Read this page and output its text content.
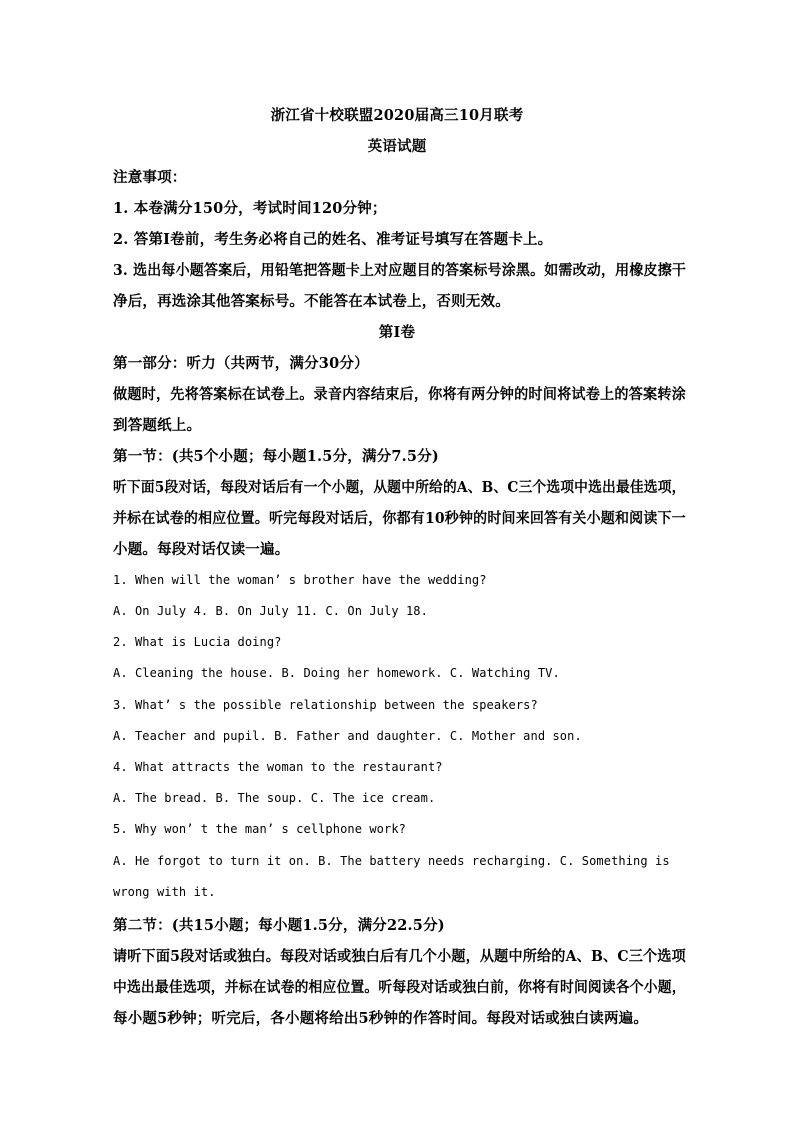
浙江省十校联盟2020届高三10月联考
英语试题
注意事项：
1. 本卷满分150分，考试时间120分钟；
2. 答第Ⅰ卷前，考生务必将自己的姓名、准考证号填写在答题卡上。
3. 选出每小题答案后，用铅笔把答题卡上对应题目的答案标号涂黑。如需改动，用橡皮擦干
净后，再选涂其他答案标号。不能答在本试卷上，否则无效。
第Ⅰ卷
第一部分：听力（共两节，满分30分）
做题时，先将答案标在试卷上。录音内容结束后，你将有两分钟的时间将试卷上的答案转涂
到答题纸上。
第一节：(共5个小题；每小题1.5分，满分7.5分)
听下面5段对话，每段对话后有一个小题，从题中所给的A、B、C三个选项中选出最佳选项，
并标在试卷的相应位置。听完每段对话后，你都有10秒钟的时间来回答有关小题和阅读下一
小题。每段对话仅读一遍。
1. When will the woman’ s brother have the wedding?
A. On July 4. B. On July 11. C. On July 18.
2. What is Lucia doing?
A. Cleaning the house. B. Doing her homework. C. Watching TV.
3. What’ s the possible relationship between the speakers?
A. Teacher and pupil. B. Father and daughter. C. Mother and son.
4. What attracts the woman to the restaurant?
A. The bread. B. The soup. C. The ice cream.
5. Why won’ t the man’ s cellphone work?
A. He forgot to turn it on. B. The battery needs recharging. C. Something is
wrong with it.
第二节：(共15小题；每小题1.5分，满分22.5分)
请听下面5段对话或独白。每段对话或独白后有几个小题，从题中所给的A、B、C三个选项
中选出最佳选项，并标在试卷的相应位置。听每段对话或独白前，你将有时间阅读各个小题，
每小题5秒钟；听完后，各小题将给出5秒钟的作答时间。每段对话或独白读两遍。
